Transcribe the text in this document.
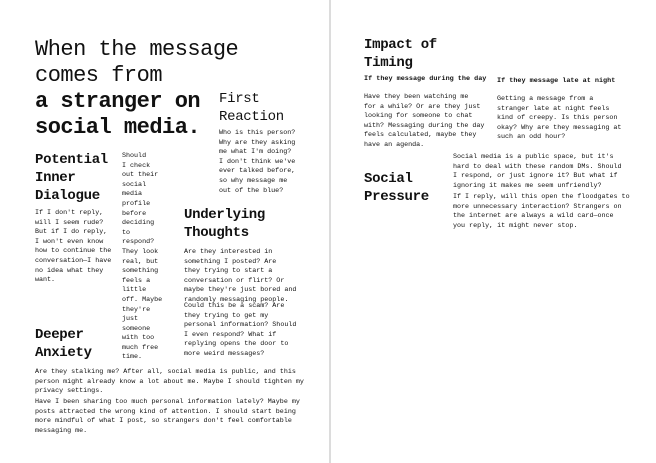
When the message
comes from
a stranger on
social media.
First
Reaction
Who is this person?
Why are they asking
me what I'm doing?
I don't think we've
ever talked before,
so why message me
out of the blue?
Potential
Inner
Dialogue
If I don't reply,
will I seem rude?
But if I do reply,
I won't even know
how to continue the
conversation—I have
no idea what they
want.
Should
I check
out their
social
media
profile
before
deciding
to
respond?
They look
real, but
something
feels a
little
off. Maybe
they're
just
someone
with too
much free
time.
Underlying
Thoughts
Are they interested in
something I posted? Are
they trying to start a
conversation or flirt? Or
maybe they're just bored and
randomly messaging people.
Could this be a scam? Are
they trying to get my
personal information? Should
I even respond? What if
replying opens the door to
more weird messages?
Deeper
Anxiety
Are they stalking me? After all, social media is public, and this
person might already know a lot about me. Maybe I should tighten my
privacy settings.
Have I been sharing too much personal information lately? Maybe my
posts attracted the wrong kind of attention. I should start being
more mindful of what I post, so strangers don't feel comfortable
messaging me.
Impact of
Timing
If they message during the day
Have they been watching me
for a while? Or are they just
looking for someone to chat
with? Messaging during the day
feels calculated, maybe they
have an agenda.
If they message late at night
Getting a message from a
stranger late at night feels
kind of creepy. Is this person
okay? Why are they messaging at
such an odd hour?
Social
Pressure
Social media is a public space, but it's
hard to deal with these random DMs. Should
I respond, or just ignore it? But what if
ignoring it makes me seem unfriendly?
If I reply, will this open the floodgates to
more unnecessary interaction? Strangers on
the internet are always a wild card—once
you reply, it might never stop.
